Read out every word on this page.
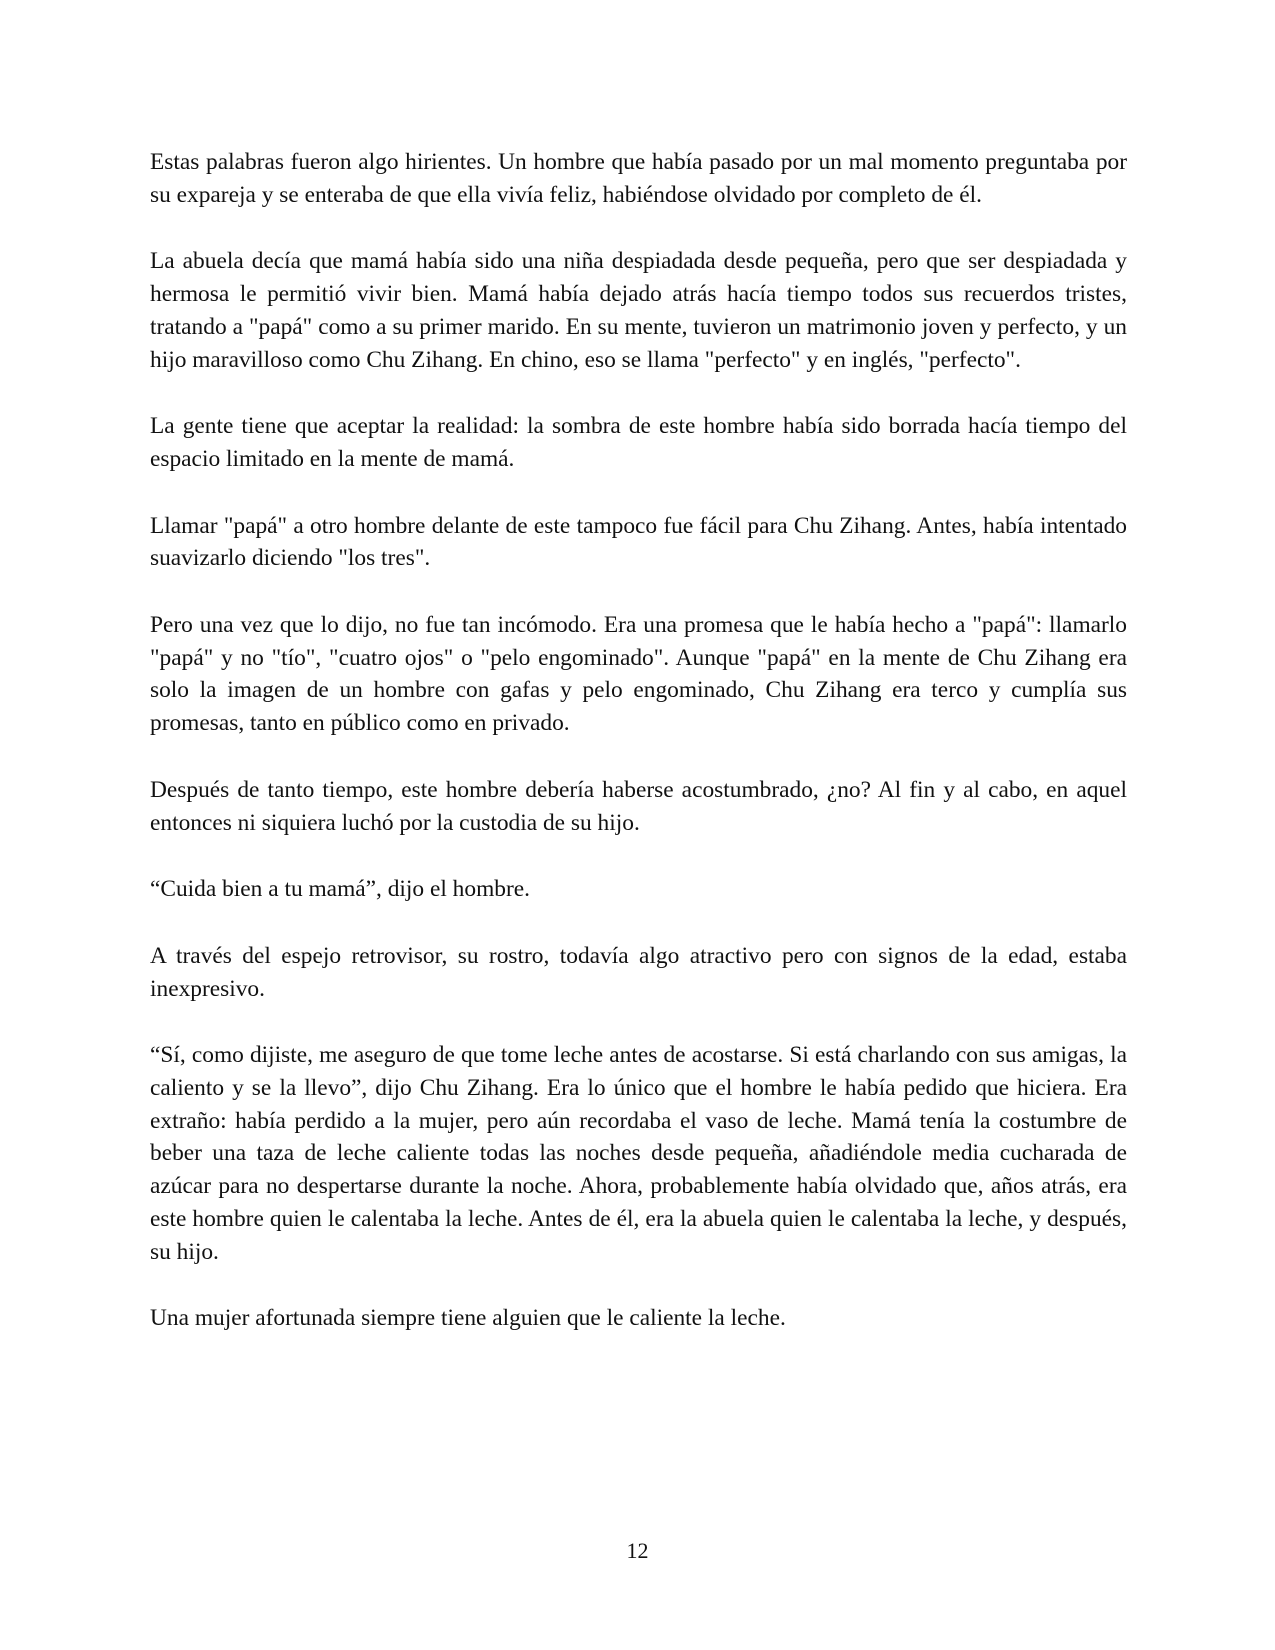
Estas palabras fueron algo hirientes. Un hombre que había pasado por un mal momento preguntaba por su expareja y se enteraba de que ella vivía feliz, habiéndose olvidado por completo de él.

La abuela decía que mamá había sido una niña despiadada desde pequeña, pero que ser despiadada y hermosa le permitió vivir bien. Mamá había dejado atrás hacía tiempo todos sus recuerdos tristes, tratando a "papá" como a su primer marido. En su mente, tuvieron un matrimonio joven y perfecto, y un hijo maravilloso como Chu Zihang. En chino, eso se llama "perfecto" y en inglés, "perfecto".

La gente tiene que aceptar la realidad: la sombra de este hombre había sido borrada hacía tiempo del espacio limitado en la mente de mamá.

Llamar "papá" a otro hombre delante de este tampoco fue fácil para Chu Zihang. Antes, había intentado suavizarlo diciendo "los tres".

Pero una vez que lo dijo, no fue tan incómodo. Era una promesa que le había hecho a "papá": llamarlo "papá" y no "tío", "cuatro ojos" o "pelo engominado". Aunque "papá" en la mente de Chu Zihang era solo la imagen de un hombre con gafas y pelo engominado, Chu Zihang era terco y cumplía sus promesas, tanto en público como en privado.

Después de tanto tiempo, este hombre debería haberse acostumbrado, ¿no? Al fin y al cabo, en aquel entonces ni siquiera luchó por la custodia de su hijo.

“Cuida bien a tu mamá”, dijo el hombre.

A través del espejo retrovisor, su rostro, todavía algo atractivo pero con signos de la edad, estaba inexpresivo.

“Sí, como dijiste, me aseguro de que tome leche antes de acostarse. Si está charlando con sus amigas, la caliento y se la llevo”, dijo Chu Zihang. Era lo único que el hombre le había pedido que hiciera. Era extraño: había perdido a la mujer, pero aún recordaba el vaso de leche. Mamá tenía la costumbre de beber una taza de leche caliente todas las noches desde pequeña, añadiéndole media cucharada de azúcar para no despertarse durante la noche. Ahora, probablemente había olvidado que, años atrás, era este hombre quien le calentaba la leche. Antes de él, era la abuela quien le calentaba la leche, y después, su hijo.

Una mujer afortunada siempre tiene alguien que le caliente la leche.

12
